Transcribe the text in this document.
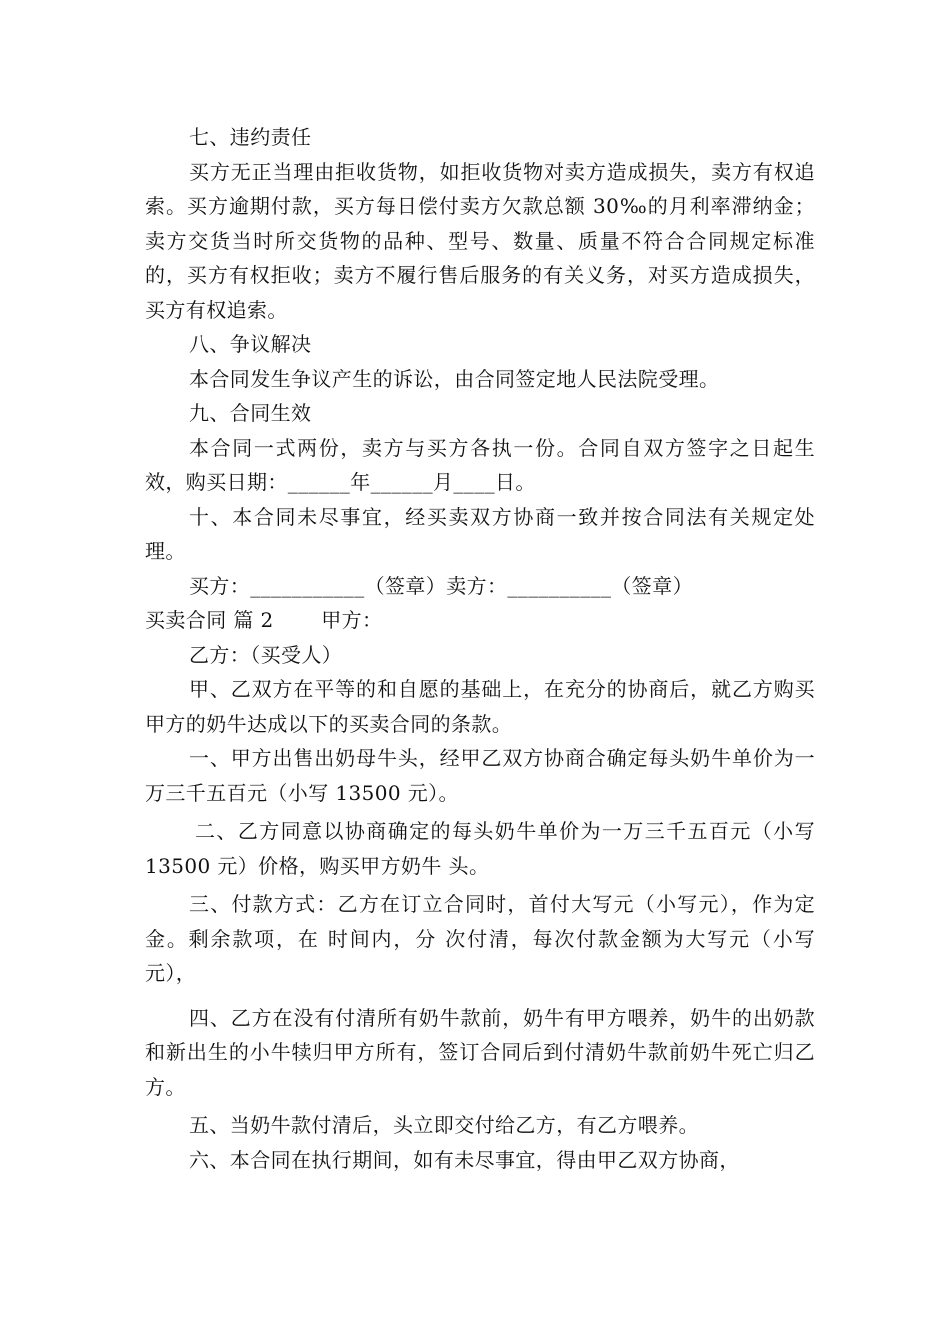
七、违约责任

买方无正当理由拒收货物，如拒收货物对卖方造成损失，卖方有权追索。买方逾期付款，买方每日偿付卖方欠款总额 30‰的月利率滞纳金；卖方交货当时所交货物的品种、型号、数量、质量不符合合同规定标准的，买方有权拒收；卖方不履行售后服务的有关义务，对买方造成损失，买方有权追索。

八、争议解决

本合同发生争议产生的诉讼，由合同签定地人民法院受理。

九、合同生效

本合同一式两份，卖方与买方各执一份。合同自双方签字之日起生效，购买日期：______年______月____日。

十、本合同未尽事宜，经买卖双方协商一致并按合同法有关规定处理。

买方：___________（签章）卖方：__________（签章）

买卖合同 篇 2　　 甲方：

乙方：（买受人）

甲、乙双方在平等的和自愿的基础上，在充分的协商后，就乙方购买甲方的奶牛达成以下的买卖合同的条款。

一、甲方出售出奶母牛头，经甲乙双方协商合确定每头奶牛单价为一万三千五百元（小写 13500 元）。

二、乙方同意以协商确定的每头奶牛单价为一万三千五百元（小写 13500 元）价格，购买甲方奶牛 头。

三、付款方式：乙方在订立合同时，首付大写元（小写元），作为定金。剩余款项，在 时间内，分 次付清，每次付款金额为大写元（小写 元），

四、乙方在没有付清所有奶牛款前，奶牛有甲方喂养，奶牛的出奶款和新出生的小牛犊归甲方所有，签订合同后到付清奶牛款前奶牛死亡归乙方。

五、当奶牛款付清后，头立即交付给乙方，有乙方喂养。

六、本合同在执行期间，如有未尽事宜，得由甲乙双方协商，
